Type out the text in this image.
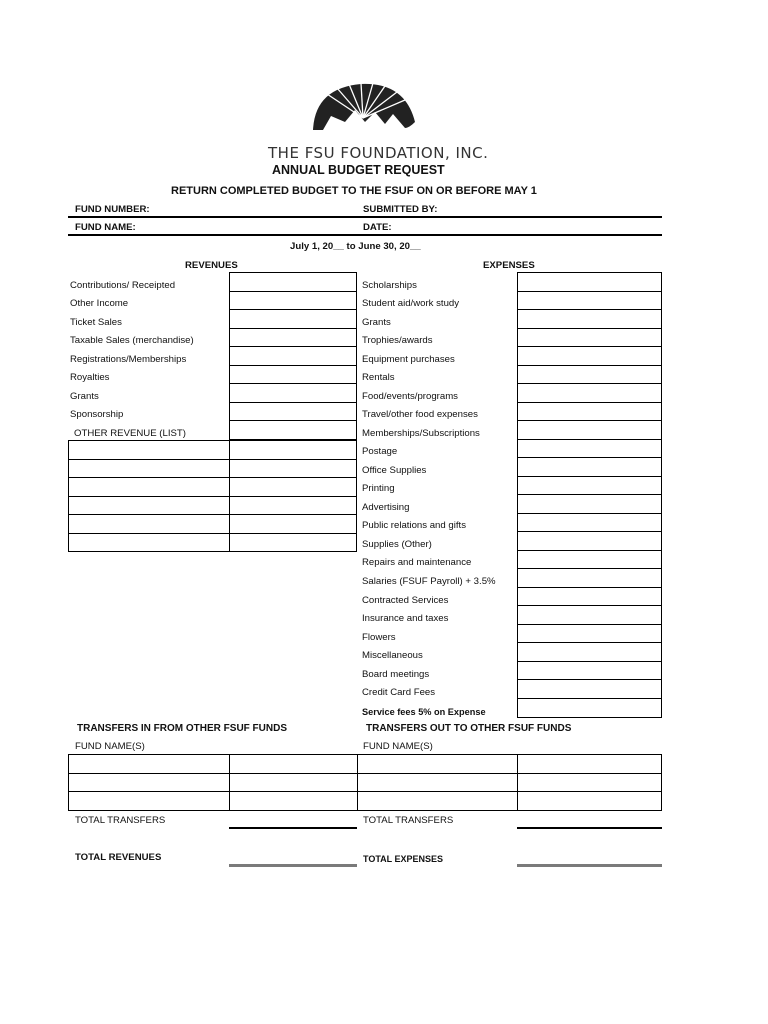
THE FSU FOUNDATION, INC.
ANNUAL BUDGET REQUEST
RETURN COMPLETED BUDGET TO THE FSUF ON OR BEFORE MAY 1
FUND NUMBER:	SUBMITTED BY:
FUND NAME:	DATE:
July 1, 20__ to June 30, 20__
REVENUES	EXPENSES
Contributions/ Receipted
Other Income
Ticket Sales
Taxable Sales (merchandise)
Registrations/Memberships
Royalties
Grants
Sponsorship
OTHER REVENUE (LIST)

Scholarships
Student aid/work study
Grants
Trophies/awards
Equipment purchases
Rentals
Food/events/programs
Travel/other food expenses
Memberships/Subscriptions
Postage
Office Supplies
Printing
Advertising
Public relations and gifts
Supplies (Other)
Repairs and maintenance
Salaries (FSUF Payroll) + 3.5%
Contracted Services
Insurance and taxes
Flowers
Miscellaneous
Board meetings
Credit Card Fees
Service fees 5% on Expense

TRANSFERS IN FROM OTHER FSUF FUNDS	TRANSFERS OUT TO OTHER FSUF FUNDS
FUND NAME(S)	FUND NAME(S)

TOTAL TRANSFERS	TOTAL TRANSFERS
TOTAL REVENUES	TOTAL EXPENSES
